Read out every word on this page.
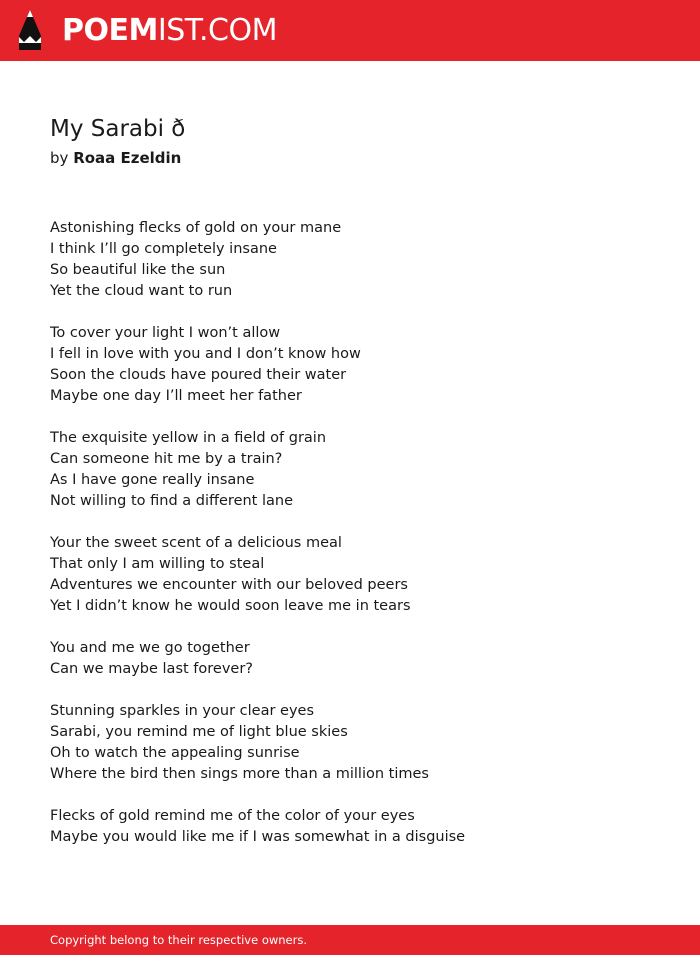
POEMIST.COM
My Sarabi ð
by Roaa Ezeldin
Astonishing flecks of gold on your mane
I think I’ll go completely insane
So beautiful like the sun
Yet the cloud want to run
To cover your light I won’t allow
I fell in love with you and I don’t know how
Soon the clouds have poured their water
Maybe one day I’ll meet her father
The exquisite yellow in a field of grain
Can someone hit me by a train?
As I have gone really insane
Not willing to find a different lane
Your the sweet scent of a delicious meal
That only I am willing to steal
Adventures we encounter with our beloved peers
Yet I didn’t know he would soon leave me in tears
You and me we go together
Can we maybe last forever?
Stunning sparkles in your clear eyes
Sarabi, you remind me of light blue skies
Oh to watch the appealing sunrise
Where the bird then sings more than a million times
Flecks of gold remind me of the color of your eyes
Maybe you would like me if I was somewhat in a disguise
Copyright belong to their respective owners.
